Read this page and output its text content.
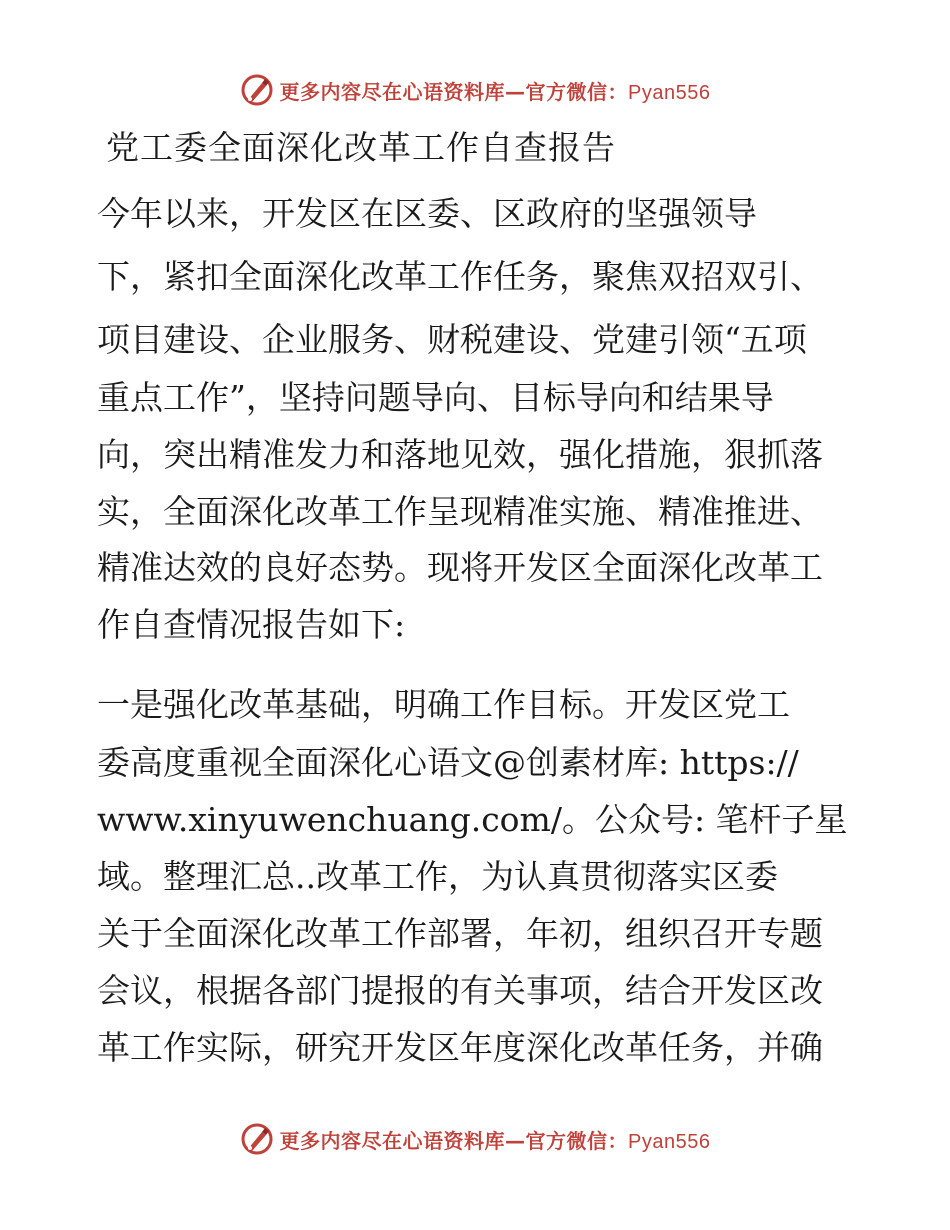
更多内容尽在心语资料库—官方微信：Pyan556
党工委全面深化改革工作自查报告
今年以来，开发区在区委、区政府的坚强领导
下，紧扣全面深化改革工作任务，聚焦双招双引、
项目建设、企业服务、财税建设、党建引领“五项
重点工作”，坚持问题导向、目标导向和结果导
向，突出精准发力和落地见效，强化措施，狠抓落
实，全面深化改革工作呈现精准实施、精准推进、
精准达效的良好态势。现将开发区全面深化改革工
作自查情况报告如下:
一是强化改革基础，明确工作目标。开发区党工
委高度重视全面深化心语文@创素材库: https://
www.xinyuwenchuang.com/。公众号: 笔杆子星
域。整理汇总..改革工作，为认真贯彻落实区委
关于全面深化改革工作部署，年初，组织召开专题
会议，根据各部门提报的有关事项，结合开发区改
革工作实际，研究开发区年度深化改革任务，并确
更多内容尽在心语资料库—官方微信：Pyan556
